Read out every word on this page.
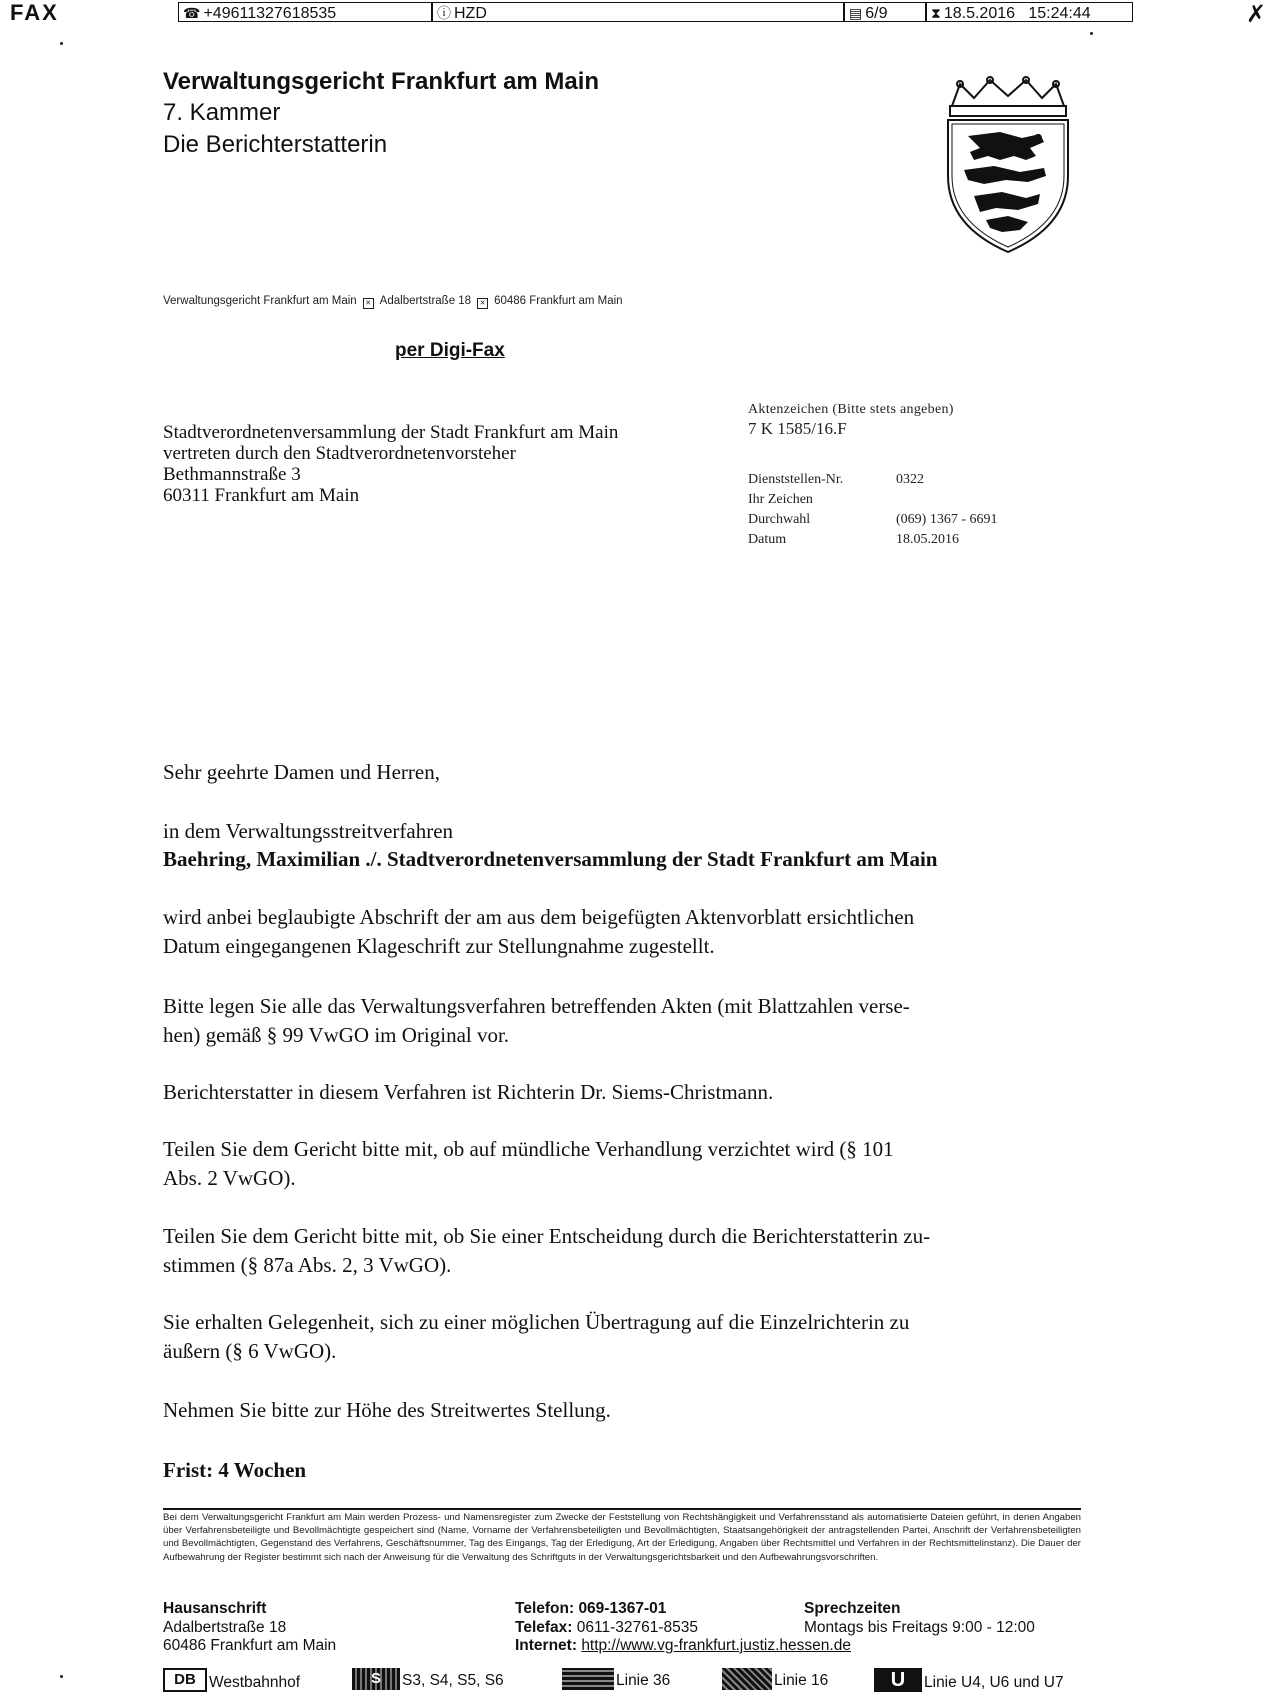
FAX	☎ +49611327618535	ⓘ HZD	▤ 6/9	⧗ 18.5.2016 15:24:44	✗
Verwaltungsgericht Frankfurt am Main
7. Kammer
Die Berichterstatterin
Verwaltungsgericht Frankfurt am Main ✕ Adalbertstraße 18 ✕ 60486 Frankfurt am Main
per Digi-Fax
Stadtverordnetenversammlung der Stadt Frankfurt am Main
vertreten durch den Stadtverordnetenvorsteher
Bethmannstraße 3
60311 Frankfurt am Main
Aktenzeichen (Bitte stets angeben)
7 K 1585/16.F
Dienststellen-Nr.	0322
Ihr Zeichen
Durchwahl	(069) 1367 - 6691
Datum	18.05.2016
Sehr geehrte Damen und Herren,
in dem Verwaltungsstreitverfahren
Baehring, Maximilian ./. Stadtverordnetenversammlung der Stadt Frankfurt am Main
wird anbei beglaubigte Abschrift der am aus dem beigefügten Aktenvorblatt ersichtlichen
Datum eingegangenen Klageschrift zur Stellungnahme zugestellt.
Bitte legen Sie alle das Verwaltungsverfahren betreffenden Akten (mit Blattzahlen verse-
hen) gemäß § 99 VwGO im Original vor.
Berichterstatter in diesem Verfahren ist Richterin Dr. Siems-Christmann.
Teilen Sie dem Gericht bitte mit, ob auf mündliche Verhandlung verzichtet wird (§ 101
Abs. 2 VwGO).
Teilen Sie dem Gericht bitte mit, ob Sie einer Entscheidung durch die Berichterstatterin zu-
stimmen (§ 87a Abs. 2, 3 VwGO).
Sie erhalten Gelegenheit, sich zu einer möglichen Übertragung auf die Einzelrichterin zu
äußern (§ 6 VwGO).
Nehmen Sie bitte zur Höhe des Streitwertes Stellung.
Frist: 4 Wochen
Bei dem Verwaltungsgericht Frankfurt am Main werden Prozess- und Namensregister zum Zwecke der Feststellung von Rechtshängigkeit und Verfahrensstand als automatisierte Dateien geführt, in denen Angaben über Verfahrensbeteiligte und Bevollmächtigte gespeichert sind (Name, Vorname der Verfahrensbeteiligten und Bevollmächtigten, Staatsangehörigkeit der antragstellenden Partei, Anschrift der Verfahrensbeteiligten und Bevollmächtigten, Gegenstand des Verfahrens, Geschäftsnummer, Tag des Eingangs, Tag der Erledigung, Art der Erledigung, Angaben über Rechtsmittel und Verfahren in der Rechtsmittelinstanz). Die Dauer der Aufbewahrung der Register bestimmt sich nach der Anweisung für die Verwaltung des Schriftguts in der Verwaltungsgerichtsbarkeit und den Aufbewahrungsvorschriften.
Hausanschrift
Adalbertstraße 18
60486 Frankfurt am Main
Telefon: 069-1367-01
Telefax: 0611-32761-8535
Internet: http://www.vg-frankfurt.justiz.hessen.de
Sprechzeiten
Montags bis Freitags 9:00 - 12:00
DB Westbahnhof	S	S3, S4, S5, S6	Linie 36	Linie 16	U	Linie U4, U6 und U7
